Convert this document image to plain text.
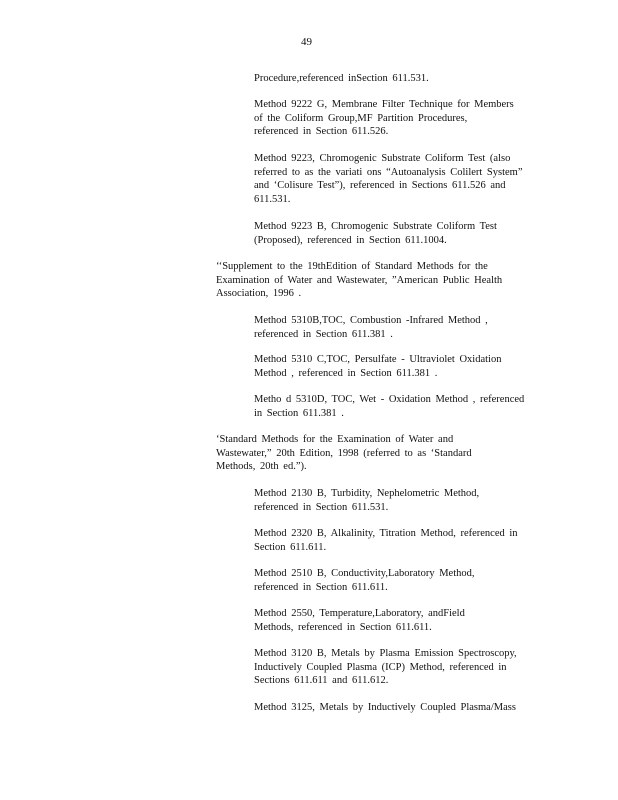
49
Procedure,referenced inSection 611.531.
Method 9222 G, Membrane Filter Technique for Members
of the Coliform Group,MF Partition Procedures,
referenced in Section 611.526.
Method 9223, Chromogenic Substrate Coliform Test (also
referred to as the variati ons “Autoanalysis Colilert System”
and ‘Colisure Test”), referenced in Sections 611.526 and
611.531.
Method 9223 B, Chromogenic Substrate Coliform Test
(Proposed), referenced in Section 611.1004.
‘‘Supplement to the 19thEdition of Standard Methods for the
Examination of Water and Wastewater, ”American Public Health
Association, 1996 .
Method 5310B,TOC, Combustion -Infrared Method ,
referenced in Section 611.381 .
Method 5310 C,TOC, Persulfate - Ultraviolet Oxidation
Method , referenced in Section 611.381 .
Metho d 5310D, TOC, Wet - Oxidation Method , referenced
in Section 611.381 .
‘Standard Methods for the Examination of Water and
Wastewater,” 20th Edition, 1998 (referred to as ‘Standard
Methods, 20th ed.”).
Method 2130 B, Turbidity, Nephelometric Method,
referenced in Section 611.531.
Method 2320 B, Alkalinity, Titration Method, referenced in
Section 611.611.
Method 2510 B, Conductivity,Laboratory Method,
referenced in Section 611.611.
Method 2550, Temperature,Laboratory, andField
Methods, referenced in Section 611.611.
Method 3120 B, Metals by Plasma Emission Spectroscopy,
Inductively Coupled Plasma (ICP) Method, referenced in
Sections 611.611 and 611.612.
Method 3125, Metals by Inductively Coupled Plasma/Mass
